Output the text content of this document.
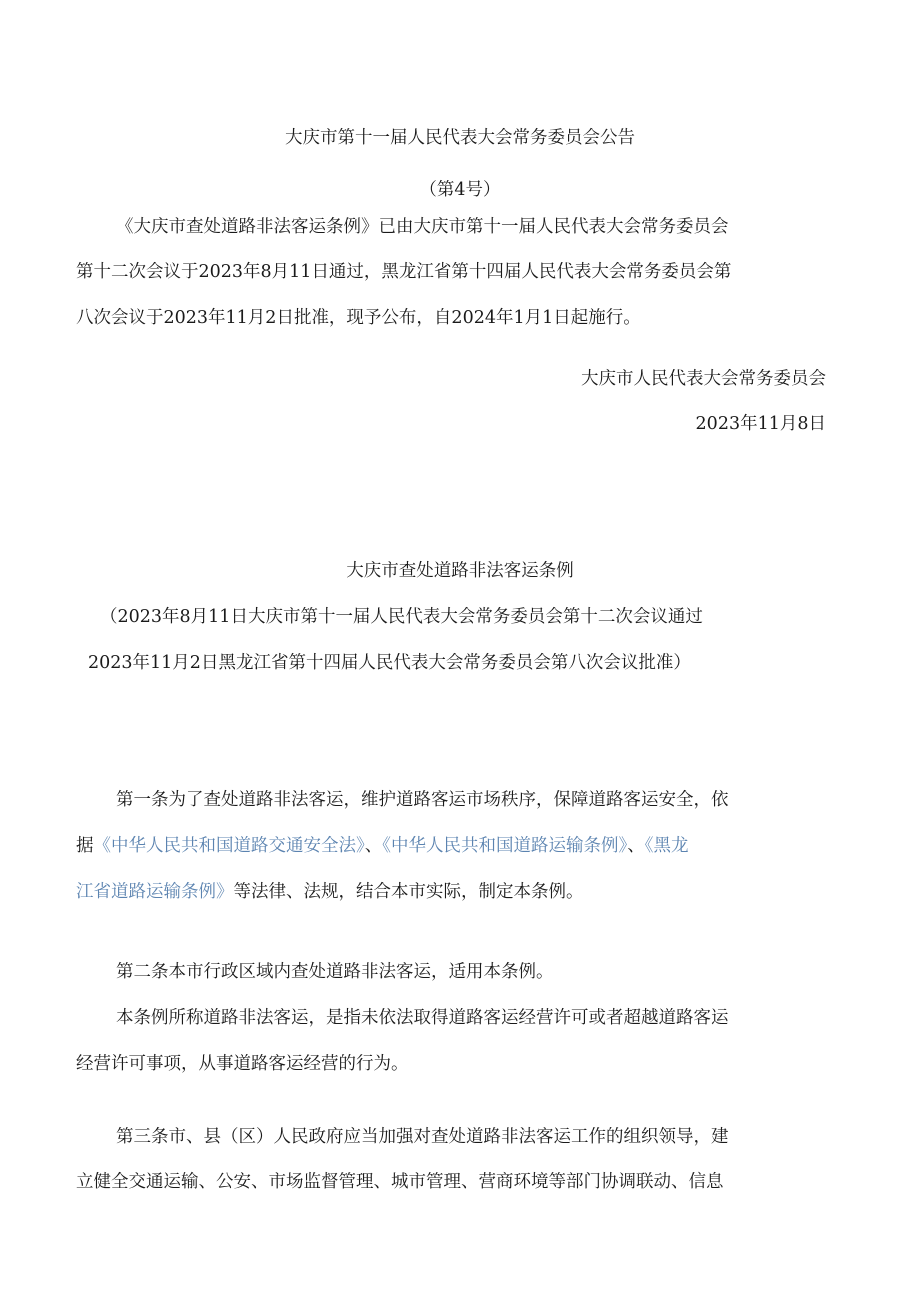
大庆市第十一届人民代表大会常务委员会公告
（第4号）
《大庆市查处道路非法客运条例》已由大庆市第十一届人民代表大会常务委员会
第十二次会议于2023年8月11日通过，黑龙江省第十四届人民代表大会常务委员会第
八次会议于2023年11月2日批准，现予公布，自2024年1月1日起施行。
大庆市人民代表大会常务委员会
2023年11月8日
大庆市查处道路非法客运条例
（2023年8月11日大庆市第十一届人民代表大会常务委员会第十二次会议通过
2023年11月2日黑龙江省第十四届人民代表大会常务委员会第八次会议批准）
第一条为了查处道路非法客运，维护道路客运市场秩序，保障道路客运安全，依
据《中华人民共和国道路交通安全法》、《中华人民共和国道路运输条例》、《黑龙
江省道路运输条例》等法律、法规，结合本市实际，制定本条例。
第二条本市行政区域内查处道路非法客运，适用本条例。
本条例所称道路非法客运，是指未依法取得道路客运经营许可或者超越道路客运
经营许可事项，从事道路客运经营的行为。
第三条市、县（区）人民政府应当加强对查处道路非法客运工作的组织领导，建
立健全交通运输、公安、市场监督管理、城市管理、营商环境等部门协调联动、信息
